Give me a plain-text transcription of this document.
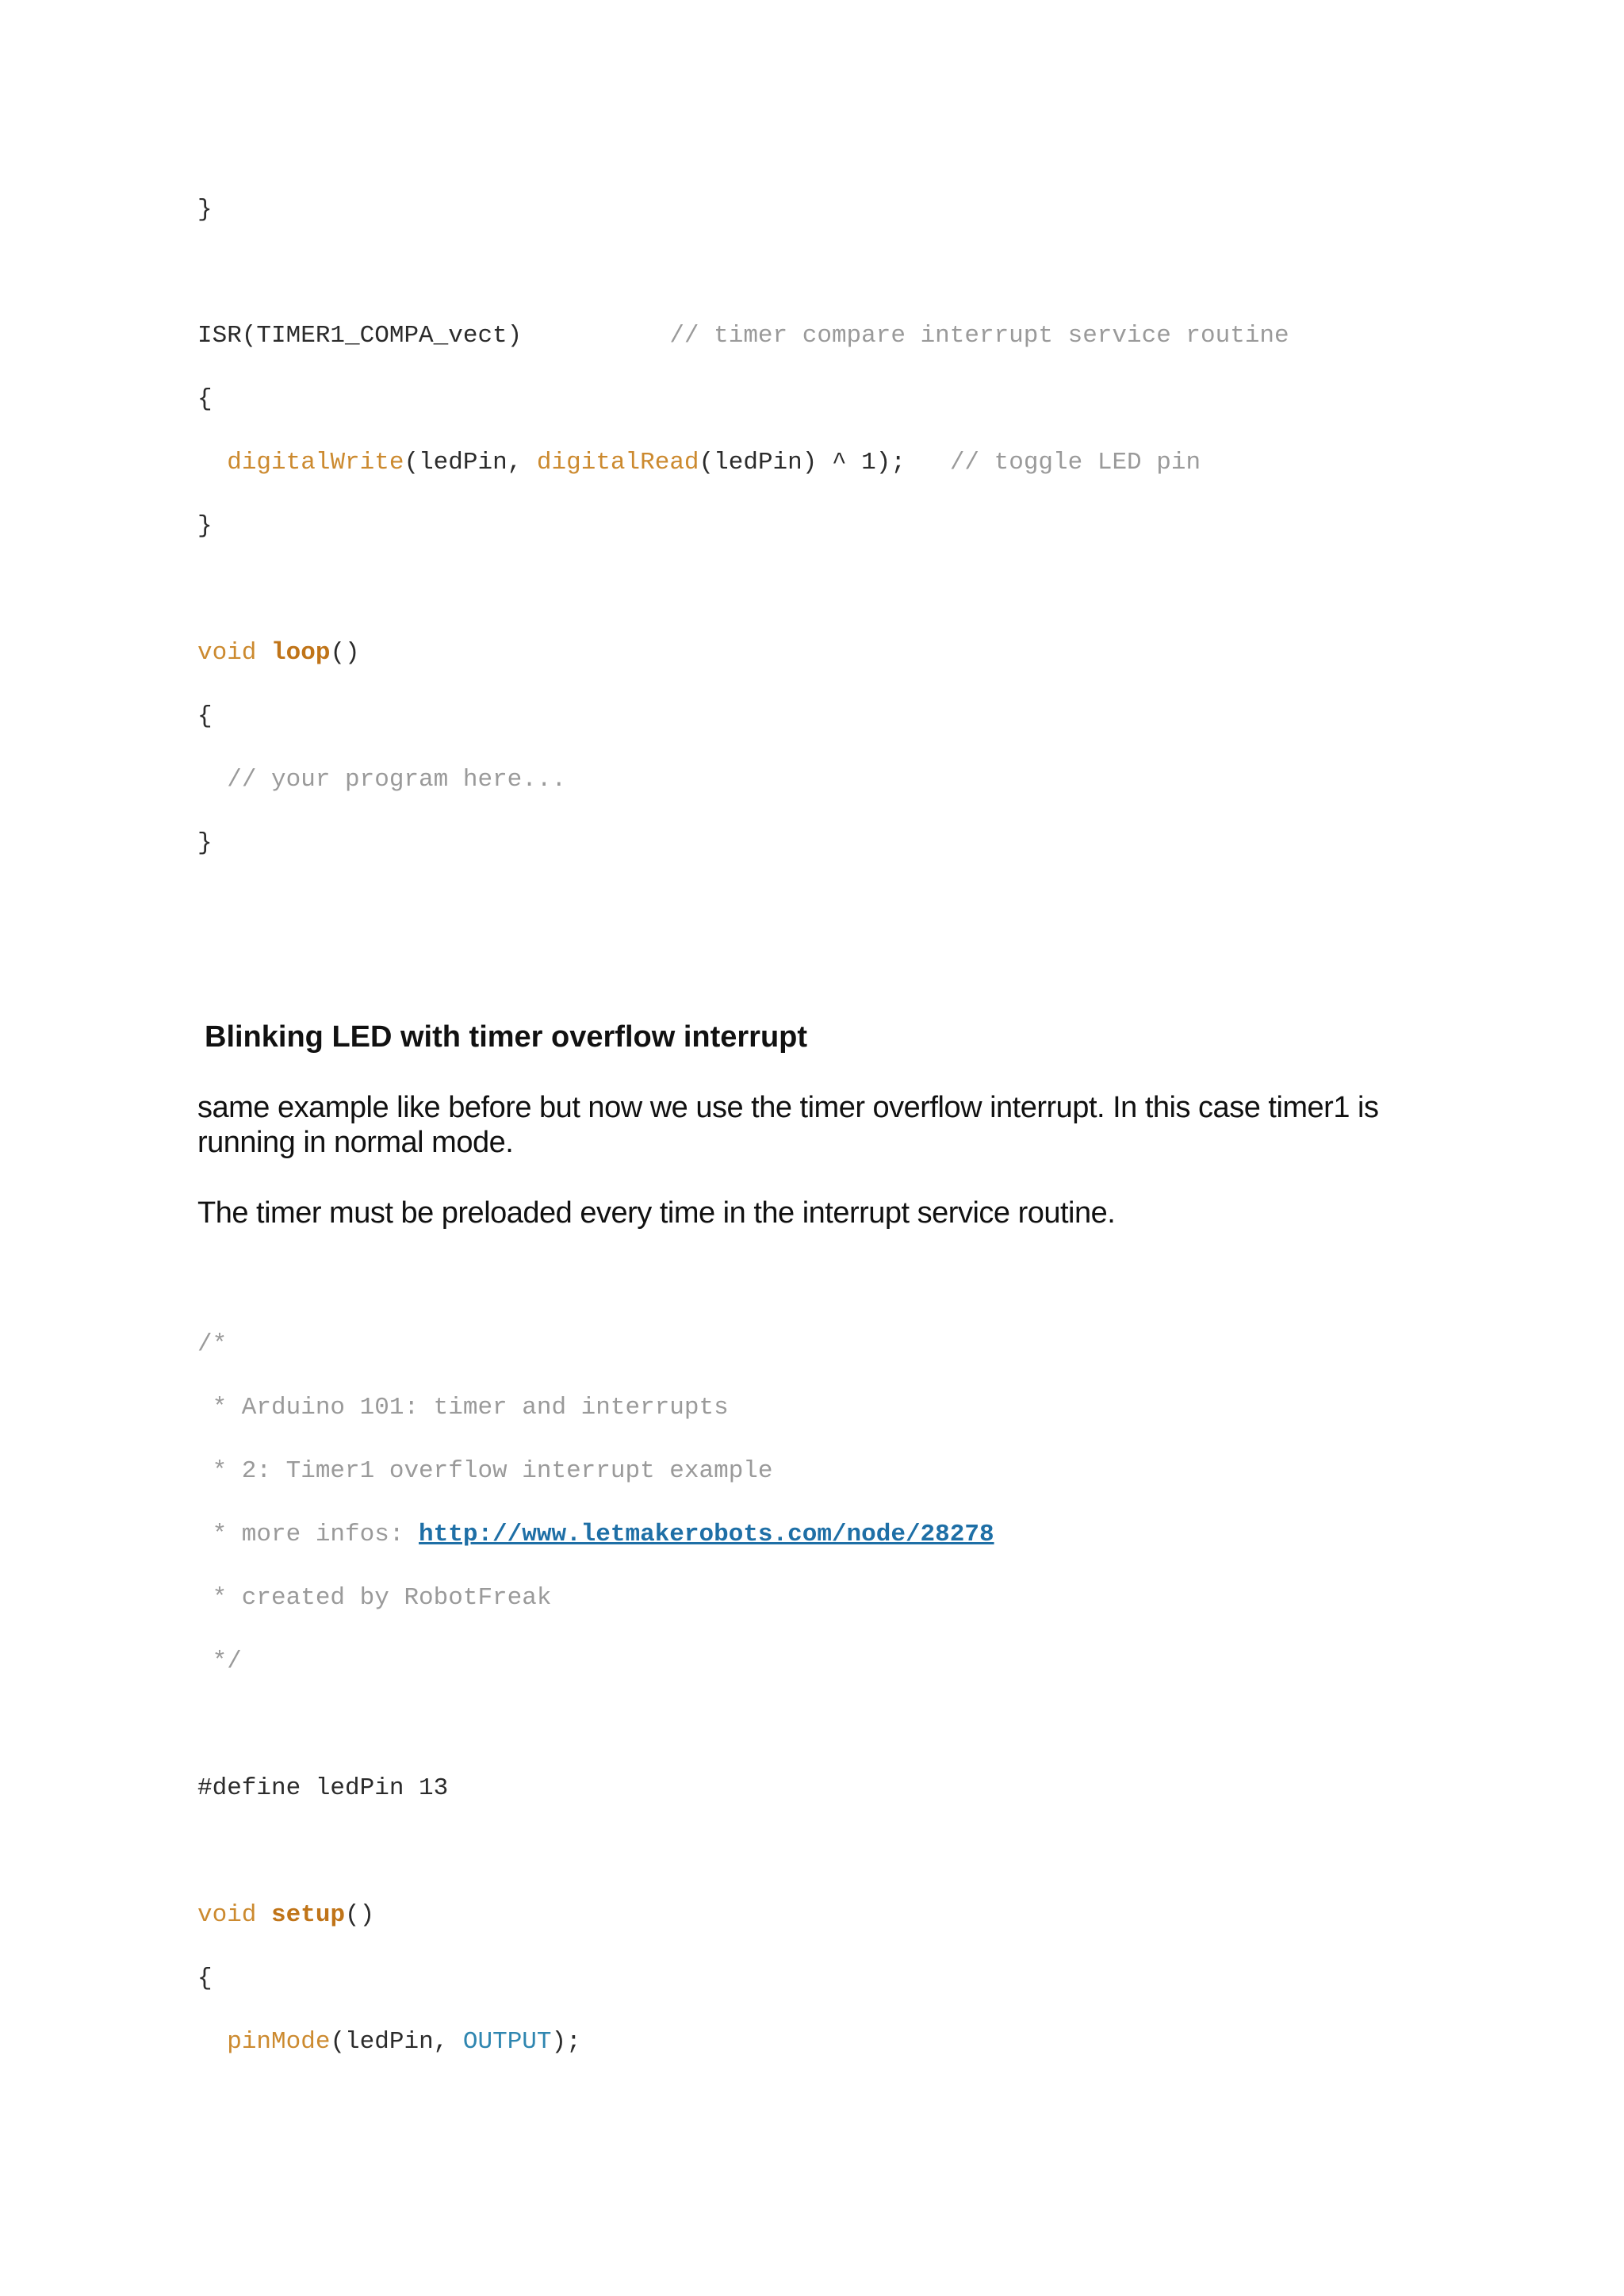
}
ISR(TIMER1_COMPA_vect)	// timer compare interrupt service routine
{
digitalWrite(ledPin, digitalRead(ledPin) ^ 1); // toggle LED pin
}
void loop()
{
// your program here...
}
Blinking LED with timer overflow interrupt
same example like before but now we use the timer overflow interrupt. In this case timer1 is running in normal mode.
The timer must be preloaded every time in the interrupt service routine.
/*
* Arduino 101: timer and interrupts
* 2: Timer1 overflow interrupt example
* more infos: http://www.letmakerobots.com/node/28278
* created by RobotFreak
*/
#define ledPin 13
void setup()
{
pinMode(ledPin, OUTPUT);
